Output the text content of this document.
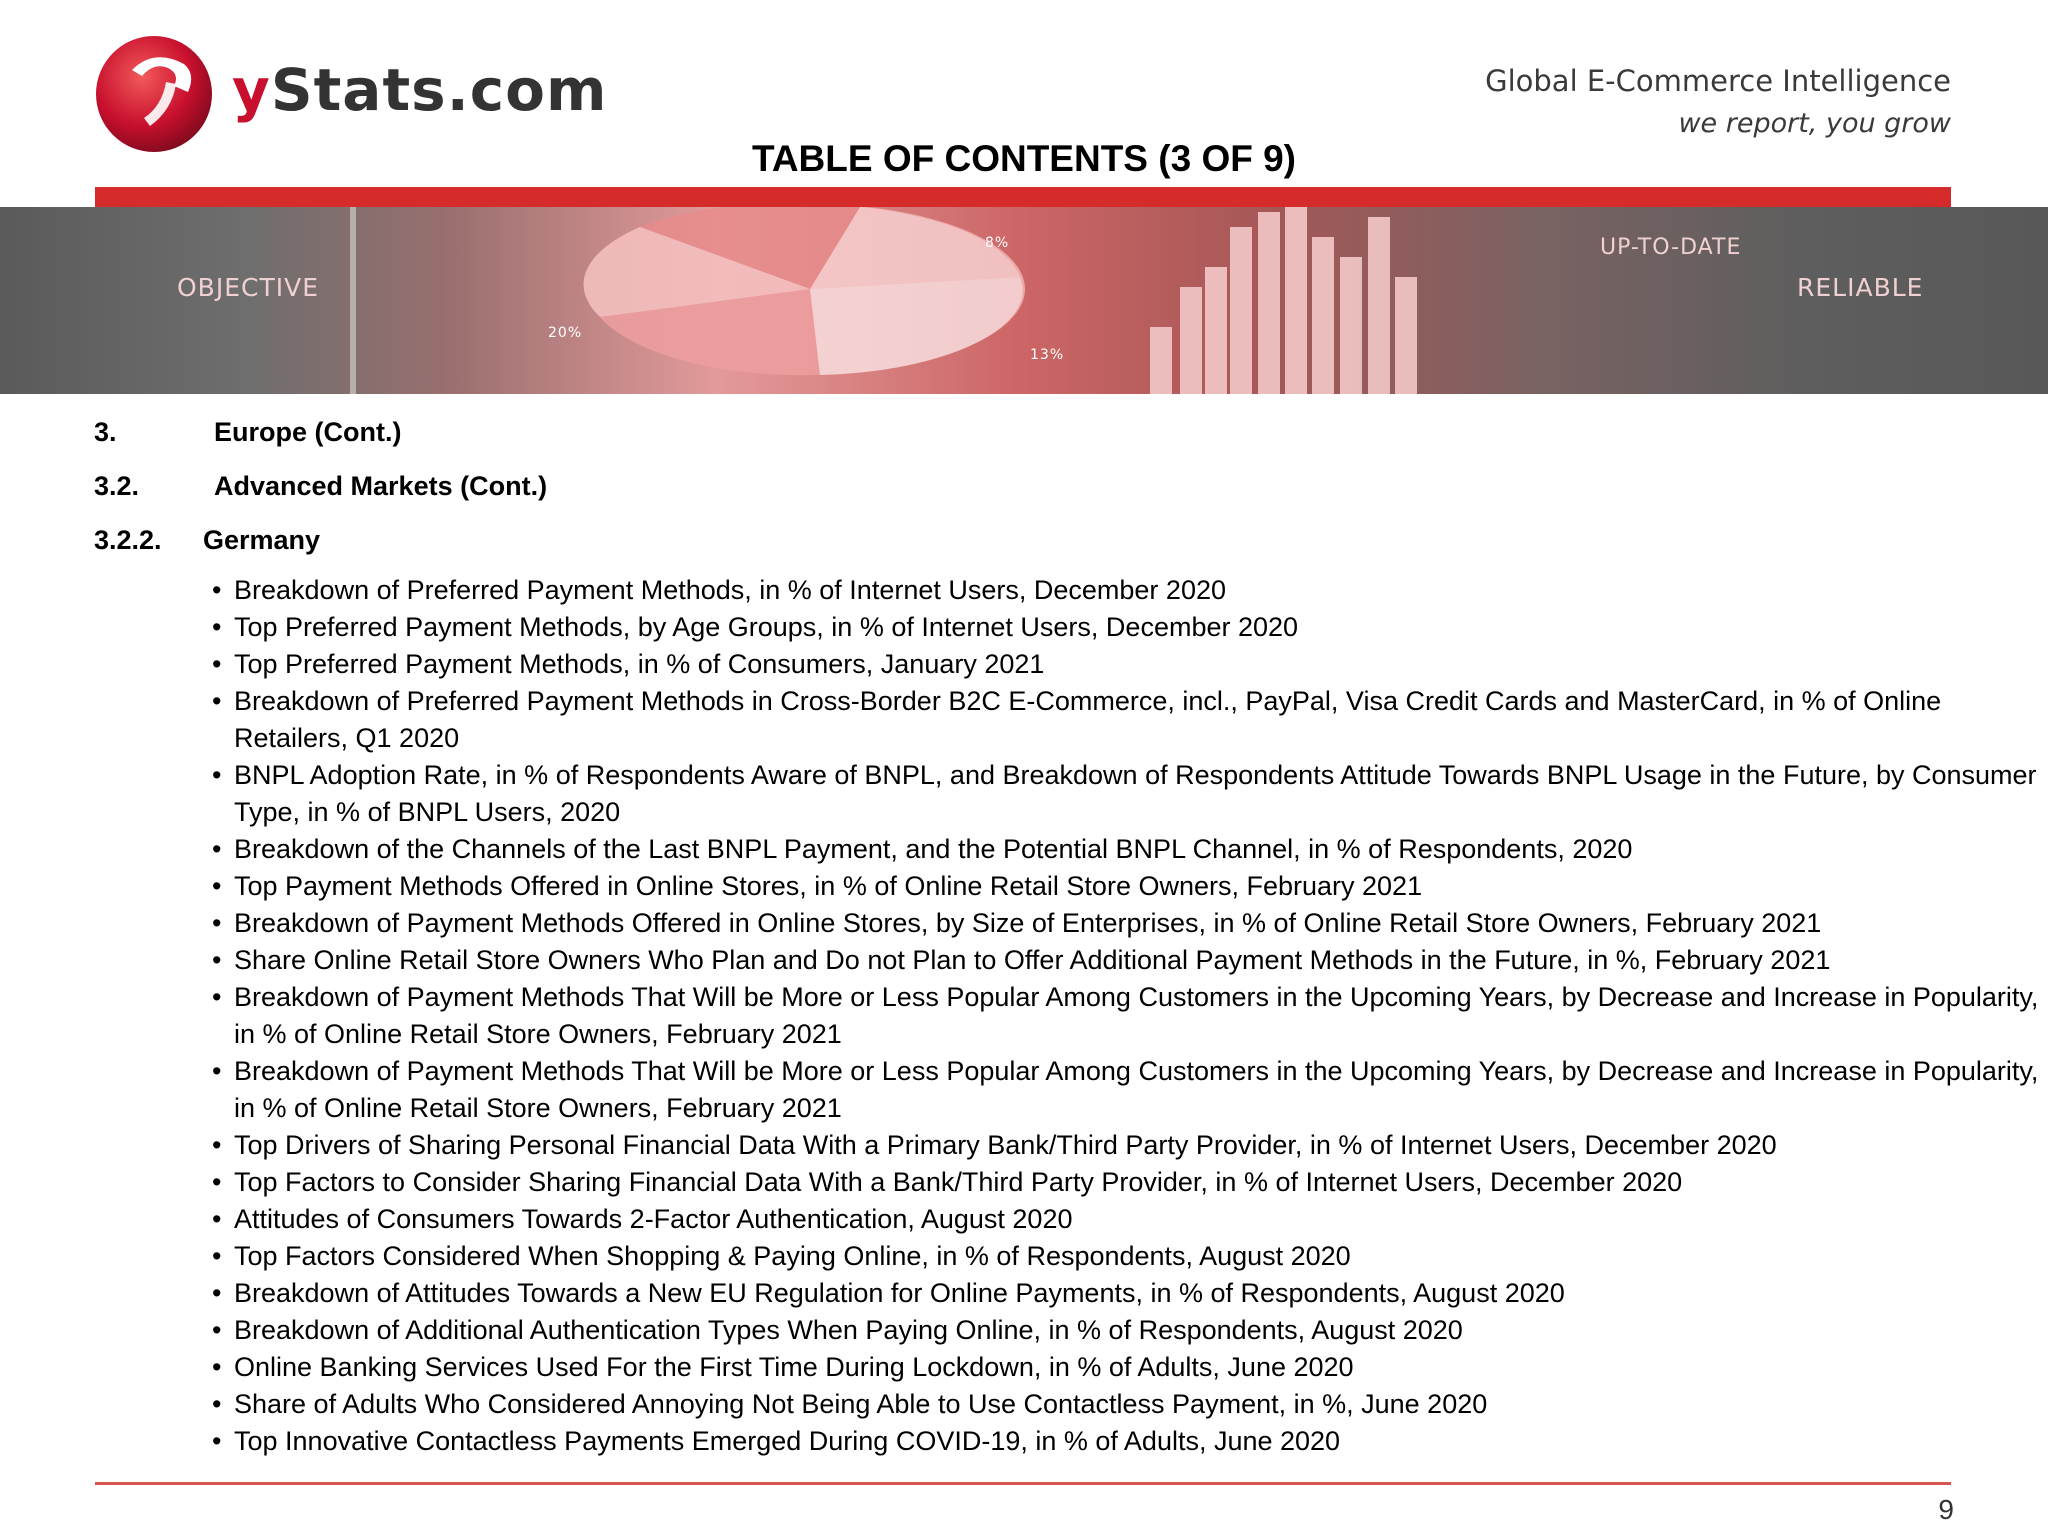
yStats.com	Global E-Commerce Intelligence
we report, you grow
TABLE OF CONTENTS (3 OF 9)
OBJECTIVE
UP-TO-DATE
RELIABLE
20%
8%
13%
3.	Europe (Cont.)
3.2.	Advanced Markets (Cont.)
3.2.2. Germany
• Breakdown of Preferred Payment Methods, in % of Internet Users, December 2020
• Top Preferred Payment Methods, by Age Groups, in % of Internet Users, December 2020
• Top Preferred Payment Methods, in % of Consumers, January 2021
• Breakdown of Preferred Payment Methods in Cross-Border B2C E-Commerce, incl., PayPal, Visa Credit Cards and MasterCard, in % of Online Retailers, Q1 2020
• BNPL Adoption Rate, in % of Respondents Aware of BNPL, and Breakdown of Respondents Attitude Towards BNPL Usage in the Future, by Consumer Type, in % of BNPL Users, 2020
• Breakdown of the Channels of the Last BNPL Payment, and the Potential BNPL Channel, in % of Respondents, 2020
• Top Payment Methods Offered in Online Stores, in % of Online Retail Store Owners, February 2021
• Breakdown of Payment Methods Offered in Online Stores, by Size of Enterprises, in % of Online Retail Store Owners, February 2021
• Share Online Retail Store Owners Who Plan and Do not Plan to Offer Additional Payment Methods in the Future, in %, February 2021
• Breakdown of Payment Methods That Will be More or Less Popular Among Customers in the Upcoming Years, by Decrease and Increase in Popularity, in % of Online Retail Store Owners, February 2021
• Breakdown of Payment Methods That Will be More or Less Popular Among Customers in the Upcoming Years, by Decrease and Increase in Popularity, in % of Online Retail Store Owners, February 2021
• Top Drivers of Sharing Personal Financial Data With a Primary Bank/Third Party Provider, in % of Internet Users, December 2020
• Top Factors to Consider Sharing Financial Data With a Bank/Third Party Provider, in % of Internet Users, December 2020
• Attitudes of Consumers Towards 2-Factor Authentication, August 2020
• Top Factors Considered When Shopping & Paying Online, in % of Respondents, August 2020
• Breakdown of Attitudes Towards a New EU Regulation for Online Payments, in % of Respondents, August 2020
• Breakdown of Additional Authentication Types When Paying Online, in % of Respondents, August 2020
• Online Banking Services Used For the First Time During Lockdown, in % of Adults, June 2020
• Share of Adults Who Considered Annoying Not Being Able to Use Contactless Payment, in %, June 2020
• Top Innovative Contactless Payments Emerged During COVID-19, in % of Adults, June 2020
9
